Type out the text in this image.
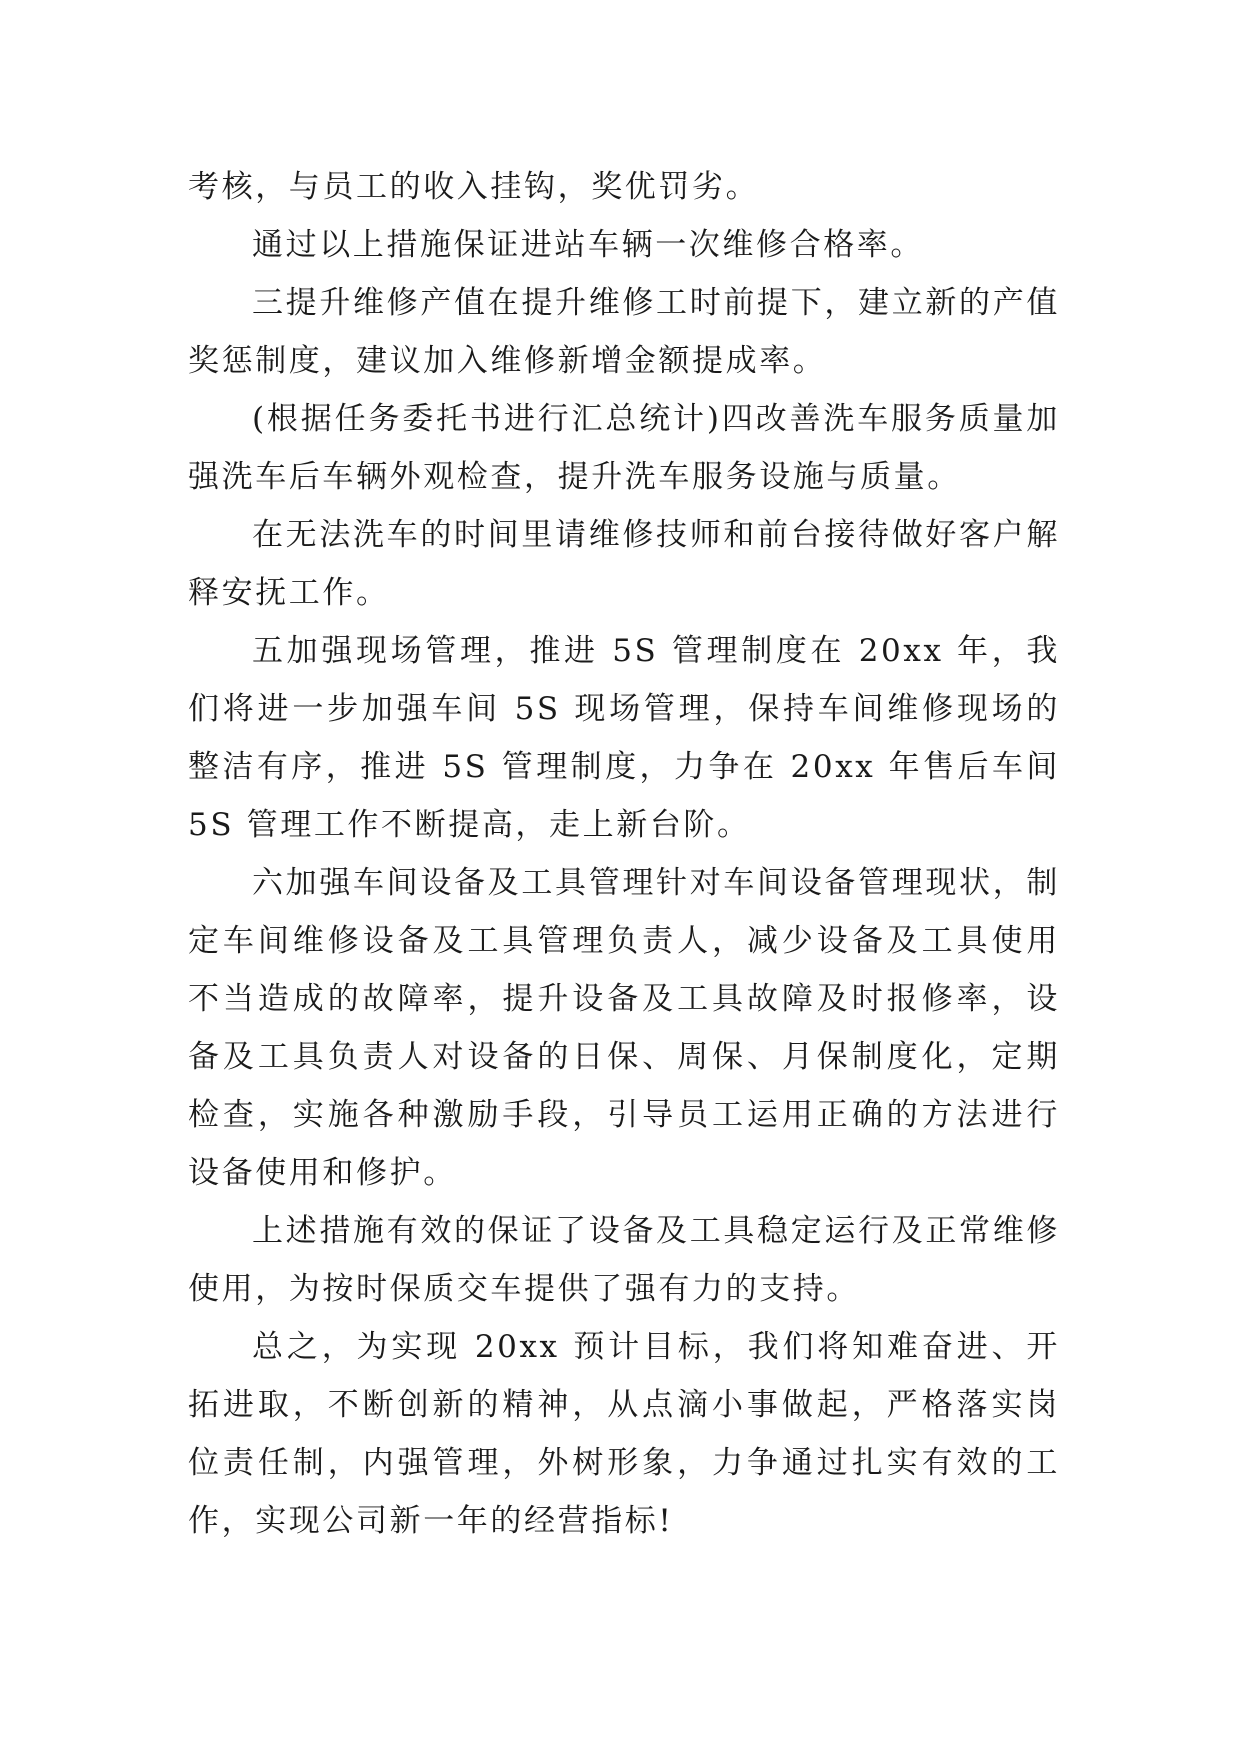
考核，与员工的收入挂钩，奖优罚劣。

通过以上措施保证进站车辆一次维修合格率。

三提升维修产值在提升维修工时前提下，建立新的产值奖惩制度，建议加入维修新增金额提成率。

(根据任务委托书进行汇总统计)四改善洗车服务质量加强洗车后车辆外观检查，提升洗车服务设施与质量。

在无法洗车的时间里请维修技师和前台接待做好客户解释安抚工作。

五加强现场管理，推进 5S 管理制度在 20xx 年，我们将进一步加强车间 5S 现场管理，保持车间维修现场的整洁有序，推进 5S 管理制度，力争在 20xx 年售后车间 5S 管理工作不断提高，走上新台阶。

六加强车间设备及工具管理针对车间设备管理现状，制定车间维修设备及工具管理负责人，减少设备及工具使用不当造成的故障率，提升设备及工具故障及时报修率，设备及工具负责人对设备的日保、周保、月保制度化，定期检查，实施各种激励手段，引导员工运用正确的方法进行设备使用和修护。

上述措施有效的保证了设备及工具稳定运行及正常维修使用，为按时保质交车提供了强有力的支持。

总之，为实现 20xx 预计目标，我们将知难奋进、开拓进取，不断创新的精神，从点滴小事做起，严格落实岗位责任制，内强管理，外树形象，力争通过扎实有效的工作，实现公司新一年的经营指标!
